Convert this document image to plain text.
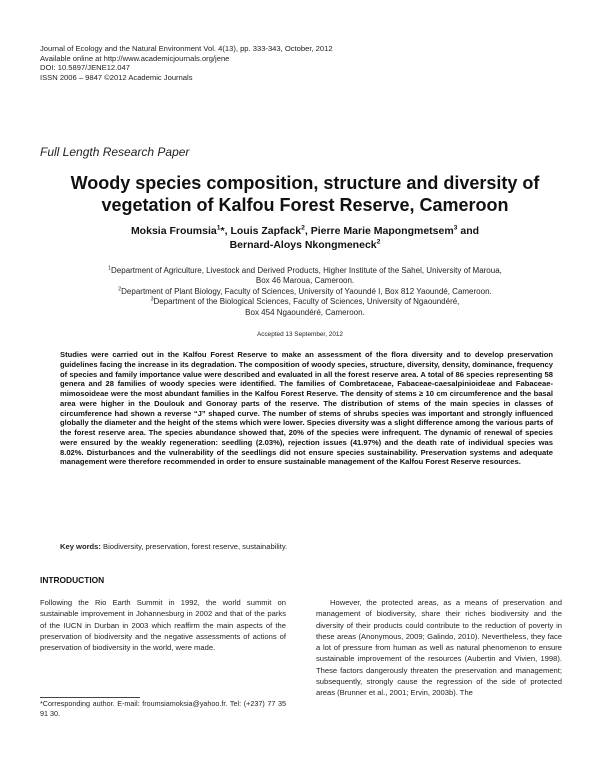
Journal of Ecology and the Natural Environment Vol. 4(13), pp. 333-343, October, 2012
Available online at http://www.academicjournals.org/jene
DOI: 10.5897/JENE12.047
ISSN 2006 – 9847 ©2012 Academic Journals
Full Length Research Paper
Woody species composition, structure and diversity of vegetation of Kalfou Forest Reserve, Cameroon
Moksia Froumsia$^1$*, Louis Zapfack$^2$, Pierre Marie Mapongmetsem$^3$ and
Bernard-Aloys Nkongmeneck$^2$
$^1$Department of Agriculture, Livestock and Derived Products, Higher Institute of the Sahel, University of Maroua,
Box 46 Maroua, Cameroon.
$^2$Department of Plant Biology, Faculty of Sciences, University of Yaoundé I, Box 812 Yaoundé, Cameroon.
$^3$Department of the Biological Sciences, Faculty of Sciences, University of Ngaoundéré,
Box 454 Ngaoundéré, Cameroon.
Accepted 13 September, 2012
Studies were carried out in the Kalfou Forest Reserve to make an assessment of the flora diversity and to develop preservation guidelines facing the increase in its degradation. The composition of woody species, structure, diversity, density, dominance, frequency of species and family importance value were described and evaluated in all the forest reserve area. A total of 86 species representing 58 genera and 28 families of woody species were identified. The families of Combretaceae, Fabaceae-caesalpinioideae and Fabaceae-mimosoideae were the most abundant families in the Kalfou Forest Reserve. The density of stems ≥ 10 cm circumference and the basal area were higher in the Doulouk and Gonoray parts of the reserve. The distribution of stems of the main species in classes of circumference had shown a reverse “J” shaped curve. The number of stems of shrubs species was important and strongly influenced globally the diameter and the height of the stems which were lower. Species diversity was a slight difference among the various parts of the forest reserve area. The species abundance showed that, 20% of the species were infrequent. The dynamic of renewal of species were ensured by the weakly regeneration: seedling (2.03%), rejection issues (41.97%) and the death rate of individual species was 8.02%. Disturbances and the vulnerability of the seedlings did not ensure species sustainability. Preservation systems and adequate management were therefore recommended in order to ensure sustainable management of the Kalfou Forest Reserve resources.
Key words: Biodiversity, preservation, forest reserve, sustainability.
INTRODUCTION
Following the Rio Earth Summit in 1992, the world summit on sustainable improvement in Johannesburg in 2002 and that of the parks of the IUCN in Durban in 2003 which reaffirm the main aspects of the preservation of biodiversity and the negative assessments of actions of preservation of biodiversity in the world, were made.
However, the protected areas, as a means of preservation and management of biodiversity, share their riches biodiversity and the diversity of their products could contribute to the reduction of poverty in these areas (Anonymous, 2009; Galindo, 2010). Nevertheless, they face a lot of pressure from human as well as natural phenomenon to ensure sustainable improvement of the resources (Aubertin and Vivien, 1998). These factors dangerously threaten the preservation and management; subsequently, strongly cause the regression of the side of protected areas (Brunner et al., 2001; Ervin, 2003b). The
*Corresponding author. E-mail: froumsiamoksia@yahoo.fr. Tel: (+237) 77 35 91 30.
